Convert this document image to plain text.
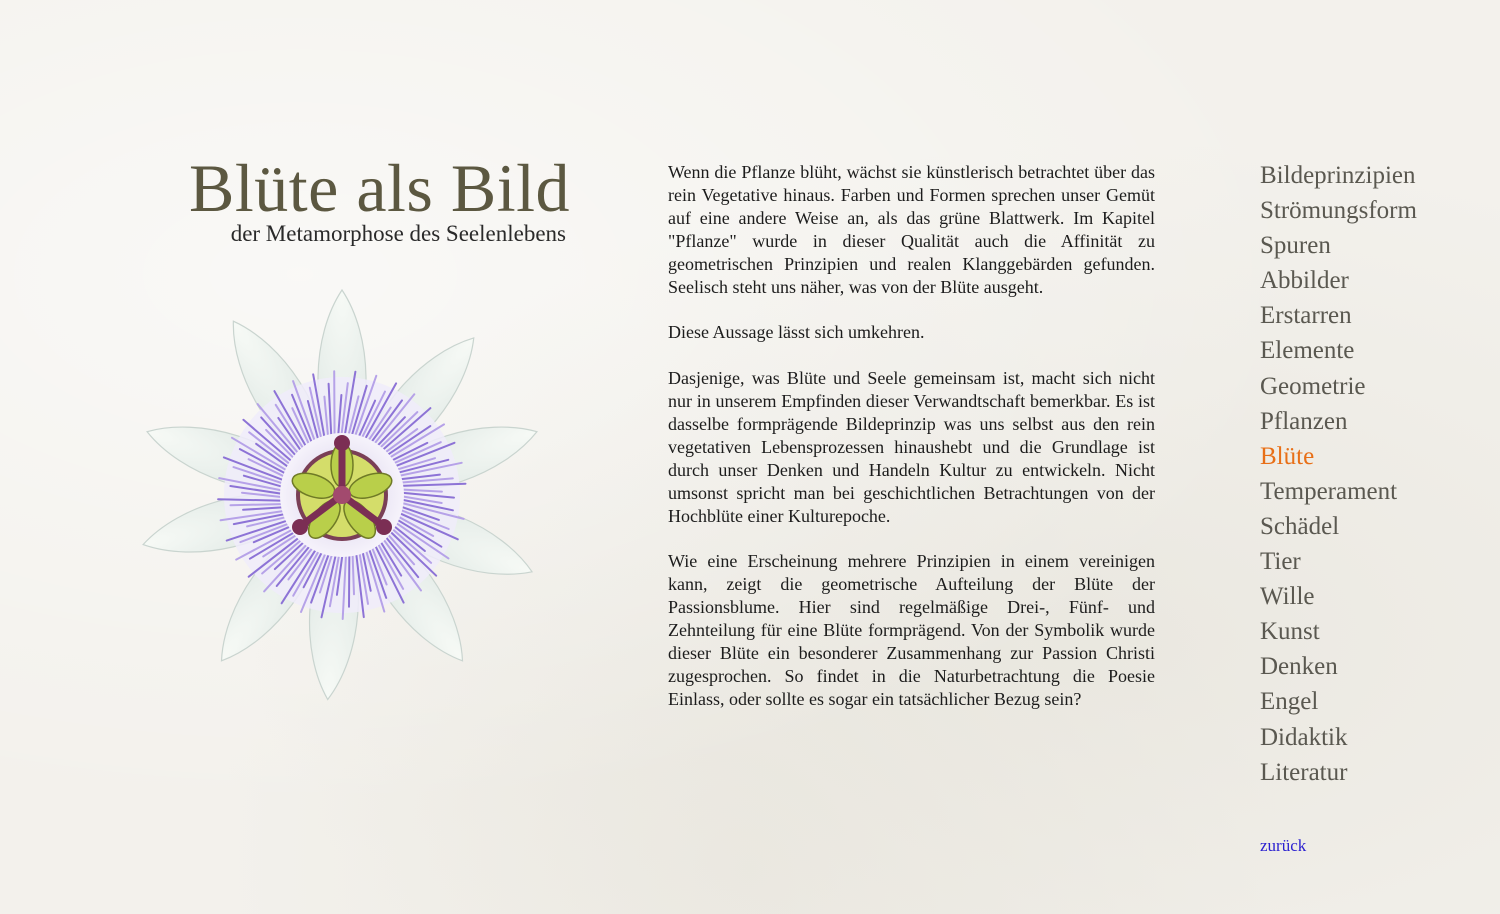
Blüte als Bild
der Metamorphose des Seelenlebens

Wenn die Pflanze blüht, wächst sie künstlerisch betrachtet über das rein Vegetative hinaus. Farben und Formen sprechen unser Gemüt auf eine andere Weise an, als das grüne Blattwerk. Im Kapitel "Pflanze" wurde in dieser Qualität auch die Affinität zu geometrischen Prinzipien und realen Klanggebärden gefunden. Seelisch steht uns näher, was von der Blüte ausgeht.

Diese Aussage lässt sich umkehren.

Dasjenige, was Blüte und Seele gemeinsam ist, macht sich nicht nur in unserem Empfinden dieser Verwandtschaft bemerkbar. Es ist dasselbe formprägende Bildeprinzip was uns selbst aus den rein vegetativen Lebensprozessen hinaushebt und die Grundlage ist durch unser Denken und Handeln Kultur zu entwickeln. Nicht umsonst spricht man bei geschichtlichen Betrachtungen von der Hochblüte einer Kulturepoche.

Wie eine Erscheinung mehrere Prinzipien in einem vereinigen kann, zeigt die geometrische Aufteilung der Blüte der Passionsblume. Hier sind regelmäßige Drei-, Fünf- und Zehnteilung für eine Blüte formprägend. Von der Symbolik wurde dieser Blüte ein besonderer Zusammenhang zur Passion Christi zugesprochen. So findet in die Naturbetrachtung die Poesie Einlass, oder sollte es sogar ein tatsächlicher Bezug sein?

Bildeprinzipien
Strömungsform
Spuren
Abbilder
Erstarren
Elemente
Geometrie
Pflanzen
Blüte
Temperament
Schädel
Tier
Wille
Kunst
Denken
Engel
Didaktik
Literatur
zurück
